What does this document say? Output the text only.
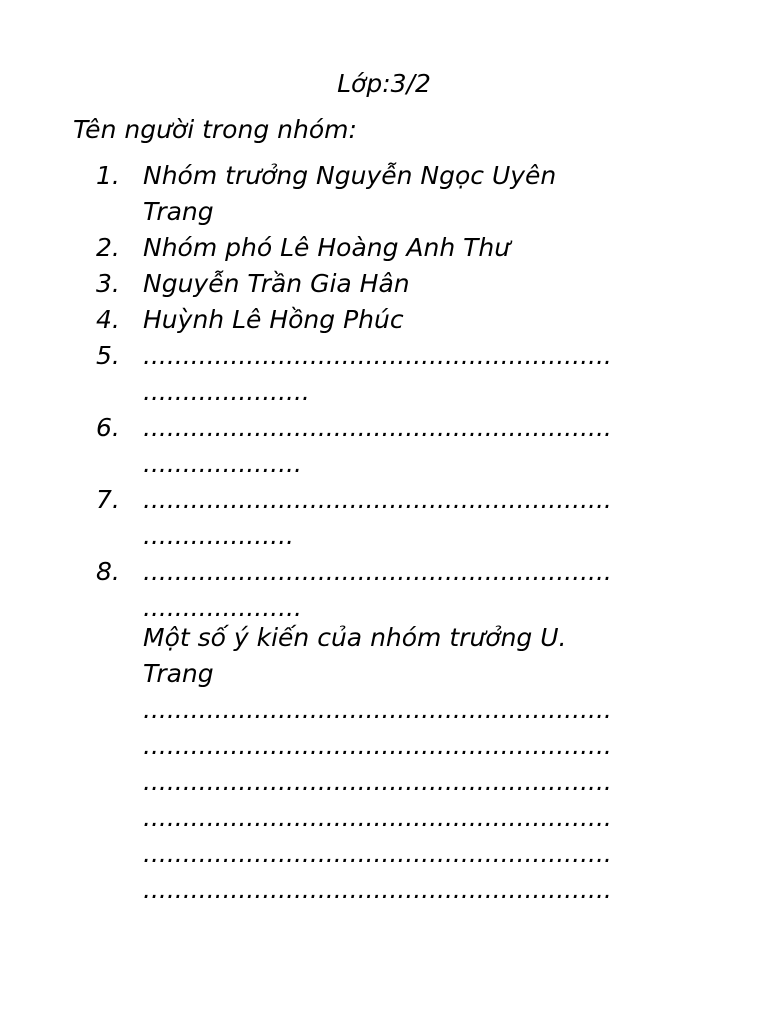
Lớp:3/2
Tên người trong nhóm:
1. Nhóm trưởng Nguyễn Ngọc Uyên
Trang
2. Nhóm phó Lê Hoàng Anh Thư
3. Nguyễn Trần Gia Hân
4. Huỳnh Lê Hồng Phúc
5. ...........................................................
.....................
6. ...........................................................
....................
7. ...........................................................
...................
8. ...........................................................
....................
Một số ý kiến của nhóm trưởng U.
Trang
...........................................................
...........................................................
...........................................................
...........................................................
...........................................................
...........................................................
